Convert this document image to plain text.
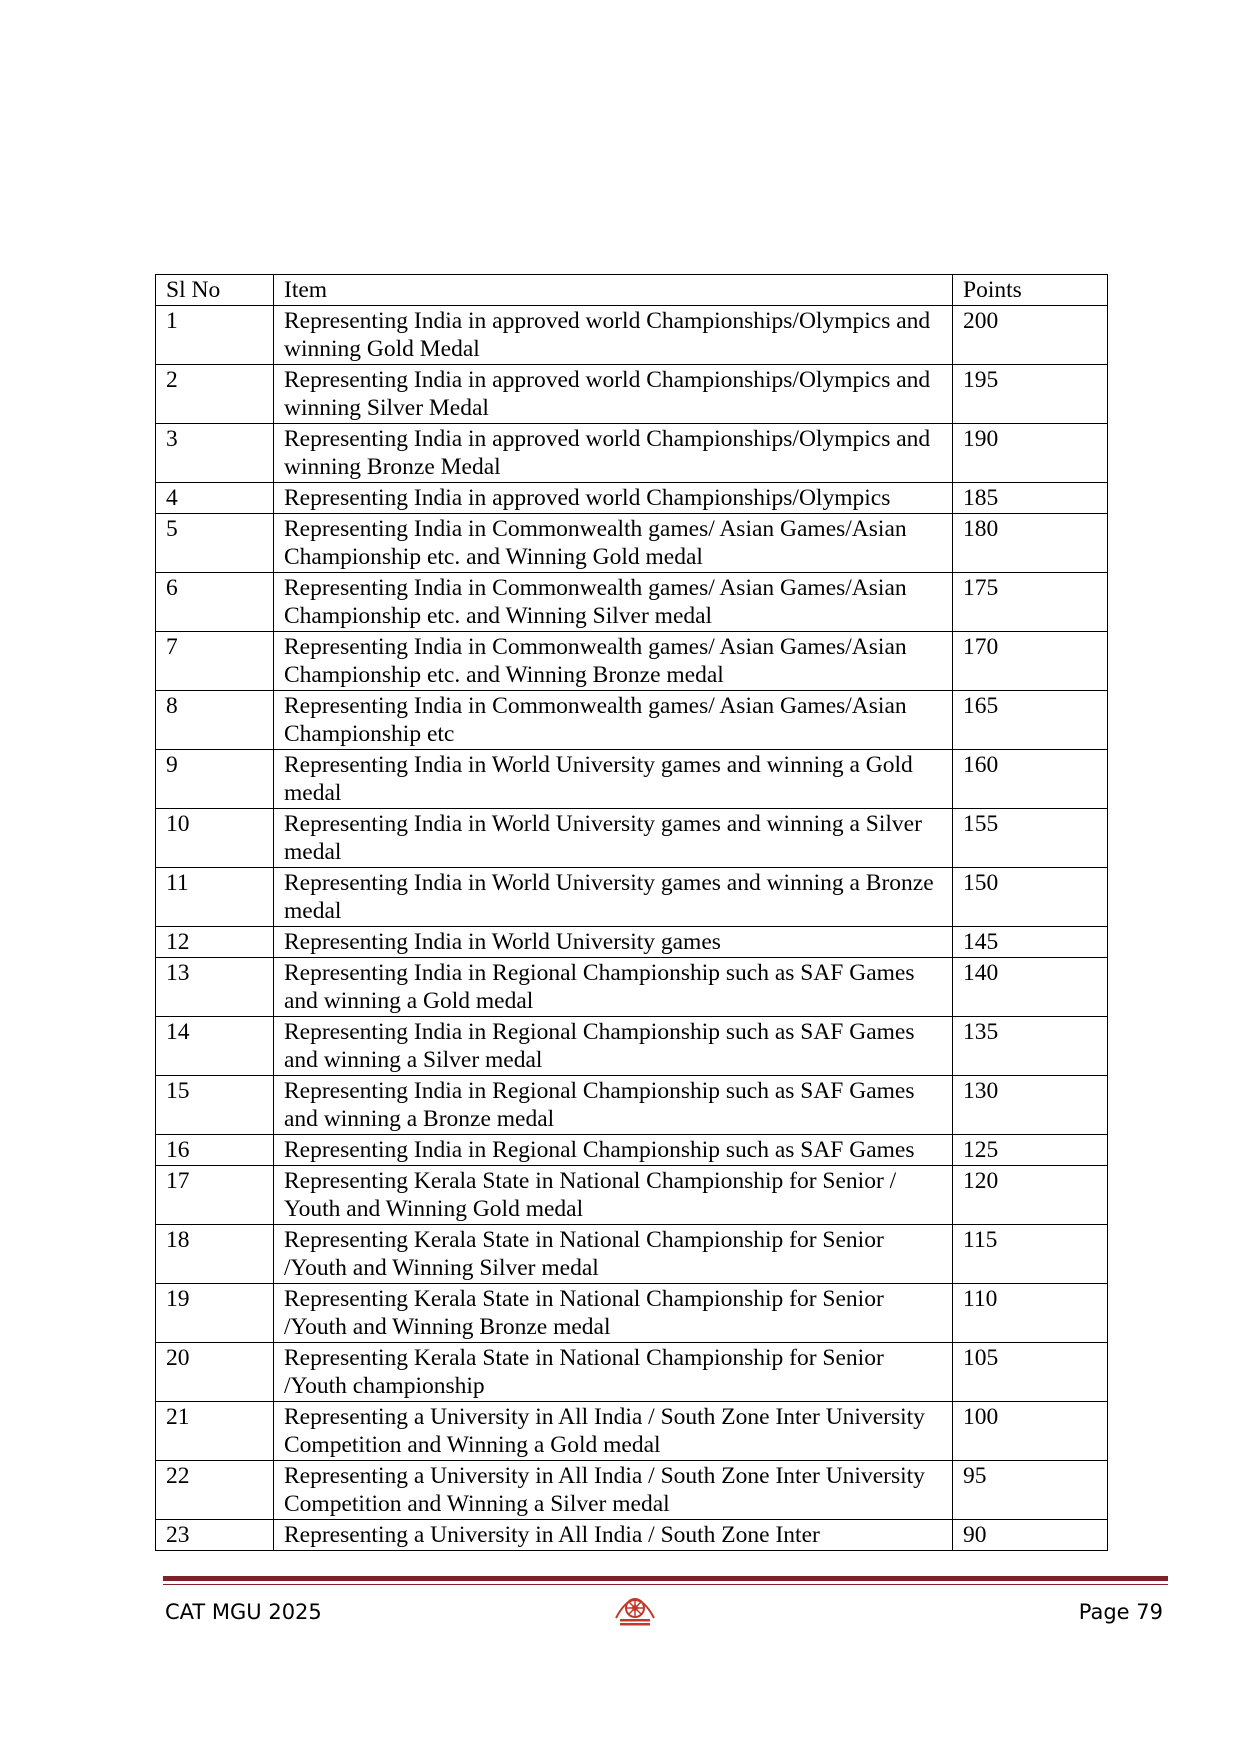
Sl No	Item	Points
1	Representing India in approved world Championships/Olympics and winning Gold Medal	200
2	Representing India in approved world Championships/Olympics and winning Silver Medal	195
3	Representing India in approved world Championships/Olympics and winning Bronze Medal	190
4	Representing India in approved world Championships/Olympics	185
5	Representing India in Commonwealth games/ Asian Games/Asian Championship etc. and Winning Gold medal	180
6	Representing India in Commonwealth games/ Asian Games/Asian Championship etc. and Winning Silver medal	175
7	Representing India in Commonwealth games/ Asian Games/Asian Championship etc. and Winning Bronze medal	170
8	Representing India in Commonwealth games/ Asian Games/Asian Championship etc	165
9	Representing India in World University games and winning a Gold medal	160
10	Representing India in World University games and winning a Silver medal	155
11	Representing India in World University games and winning a Bronze medal	150
12	Representing India in World University games	145
13	Representing India in Regional Championship such as SAF Games and winning a Gold medal	140
14	Representing India in Regional Championship such as SAF Games and winning a Silver medal	135
15	Representing India in Regional Championship such as SAF Games and winning a Bronze medal	130
16	Representing India in Regional Championship such as SAF Games	125
17	Representing Kerala State in National Championship for Senior / Youth and Winning Gold medal	120
18	Representing Kerala State in National Championship for Senior /Youth and Winning Silver medal	115
19	Representing Kerala State in National Championship for Senior /Youth and Winning Bronze medal	110
20	Representing Kerala State in National Championship for Senior /Youth championship	105
21	Representing a University in All India / South Zone Inter University Competition and Winning a Gold medal	100
22	Representing a University in All India / South Zone Inter University Competition and Winning a Silver medal	95
23	Representing a University in All India / South Zone Inter	90
CAT MGU 2025	Page 79
